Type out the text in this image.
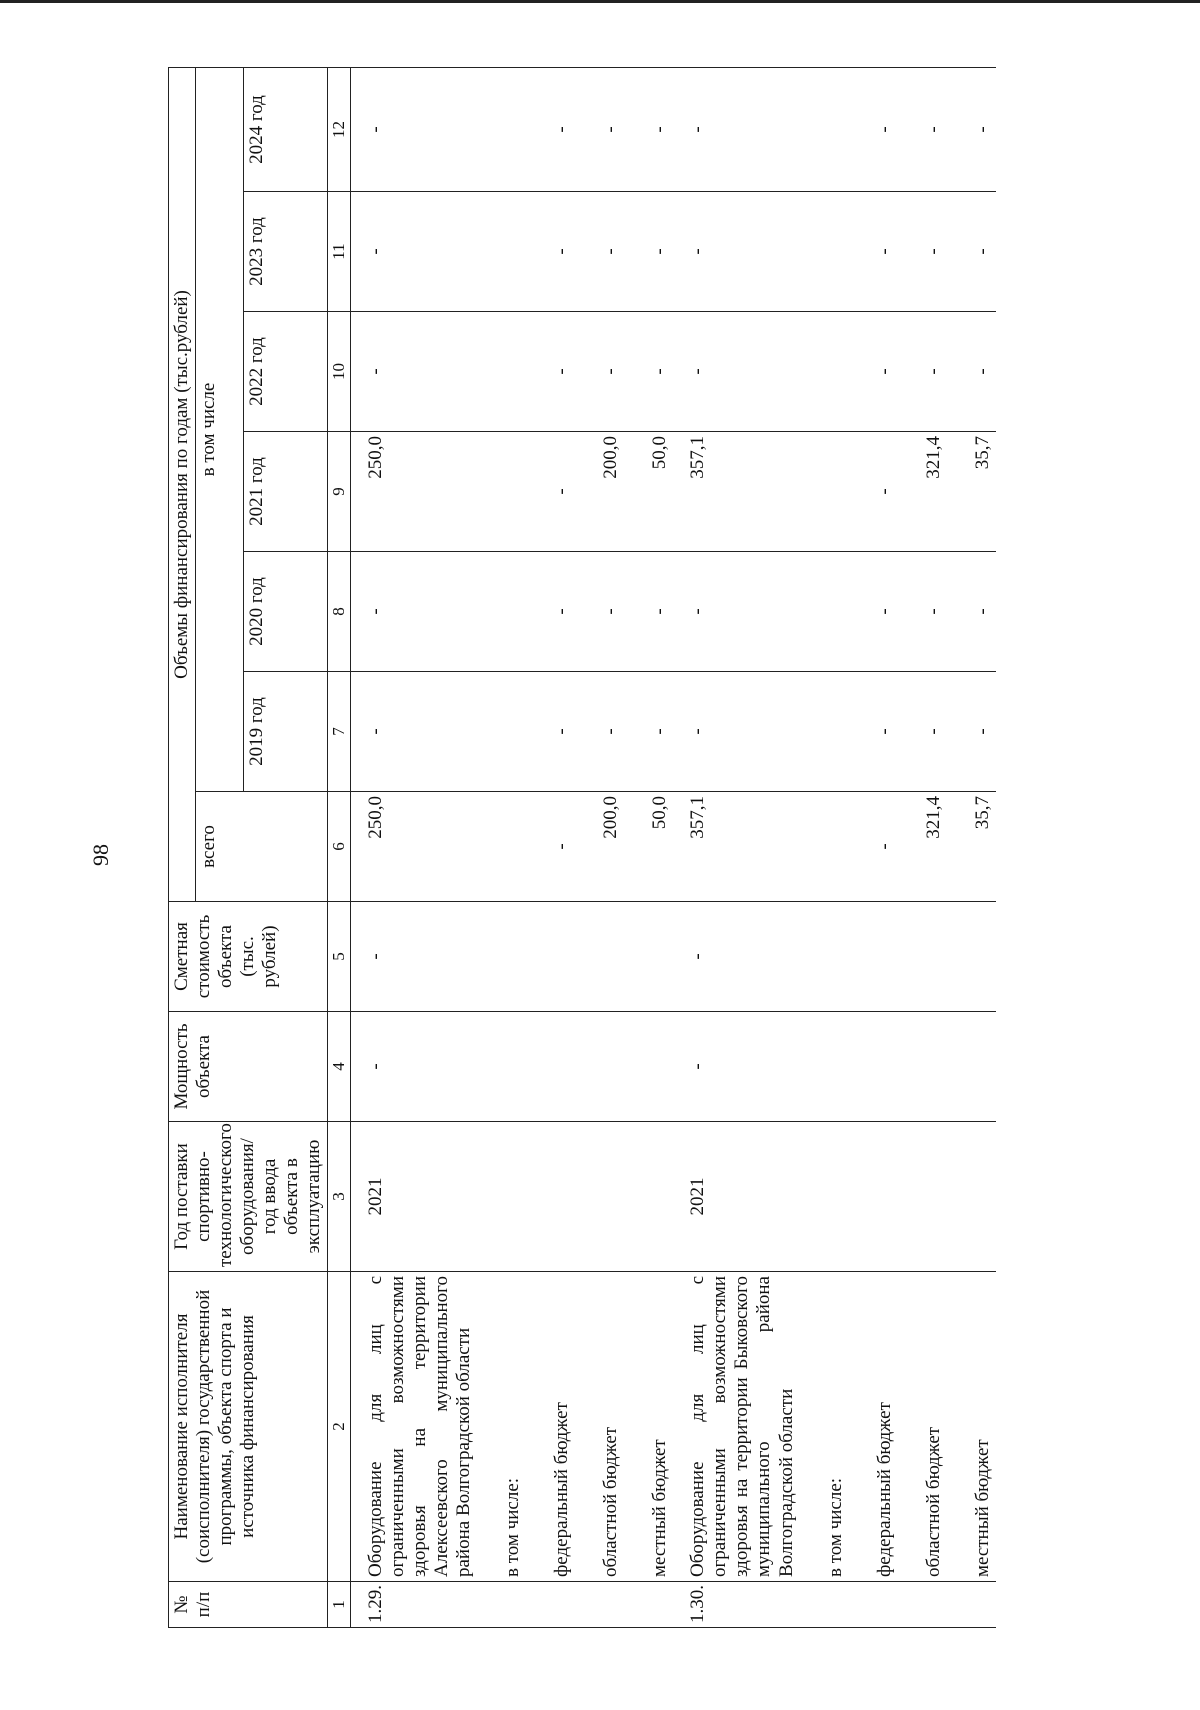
98
№ п/п	Наименование исполнителя (соисполнителя) государственной программы, объекта спорта и источника финансирования	Год поставки спортивно-технологического оборудования/ год ввода объекта в эксплуатацию	Мощность объекта	Сметная стоимость объекта (тыс. рублей)	Объемы финансирования по годам (тыс.рублей)						
					всего	в том числе					
						2019 год	2020 год	2021 год	2022 год	2023 год	2024 год
1	2	3	4	5	6	7	8	9	10	11	12
1.29.	Оборудование для лиц с ограниченными возможностями здоровья на территории Алексеевского муниципального района Волгоградской области	2021	-	-	250,0	-	-	250,0	-	-	-
	в том числе:										
	федеральный бюджет				-	-	-	-	-	-	-
	областной бюджет				200,0	-	-	200,0	-	-	-
	местный бюджет				50,0	-	-	50,0	-	-	-
1.30.	Оборудование для лиц с ограниченными возможностями здоровья на территории Быковского муниципального района Волгоградской области	2021	-	-	357,1	-	-	357,1	-	-	-
	в том числе:										
	федеральный бюджет				-	-	-	-	-	-	-
	областной бюджет				321,4	-	-	321,4	-	-	-
	местный бюджет				35,7	-	-	35,7	-	-	-
